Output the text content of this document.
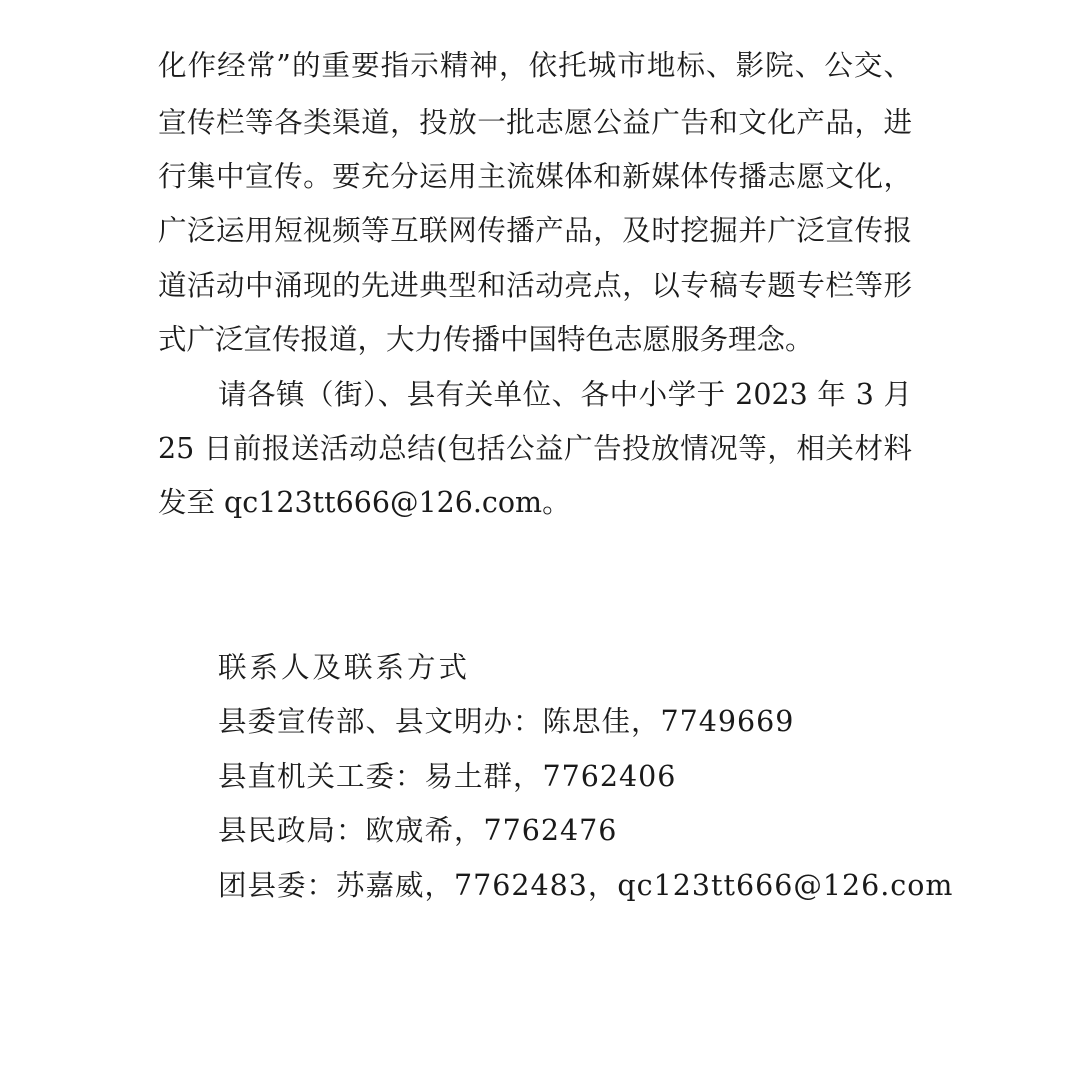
化作经常”的重要指示精神，依托城市地标、影院、公交、
宣传栏等各类渠道，投放一批志愿公益广告和文化产品，进
行集中宣传。要充分运用主流媒体和新媒体传播志愿文化，
广泛运用短视频等互联网传播产品，及时挖掘并广泛宣传报
道活动中涌现的先进典型和活动亮点，以专稿专题专栏等形
式广泛宣传报道，大力传播中国特色志愿服务理念。
请各镇（街）、县有关单位、各中小学于 2023 年 3 月
25 日前报送活动总结(包括公益广告投放情况等，相关材料
发至 qc123tt666@126.com。
联系人及联系方式
县委宣传部、县文明办：陈思佳，7749669
县直机关工委：易土群，7762406
县民政局：欧宬希，7762476
团县委：苏嘉威，7762483，qc123tt666@126.com
